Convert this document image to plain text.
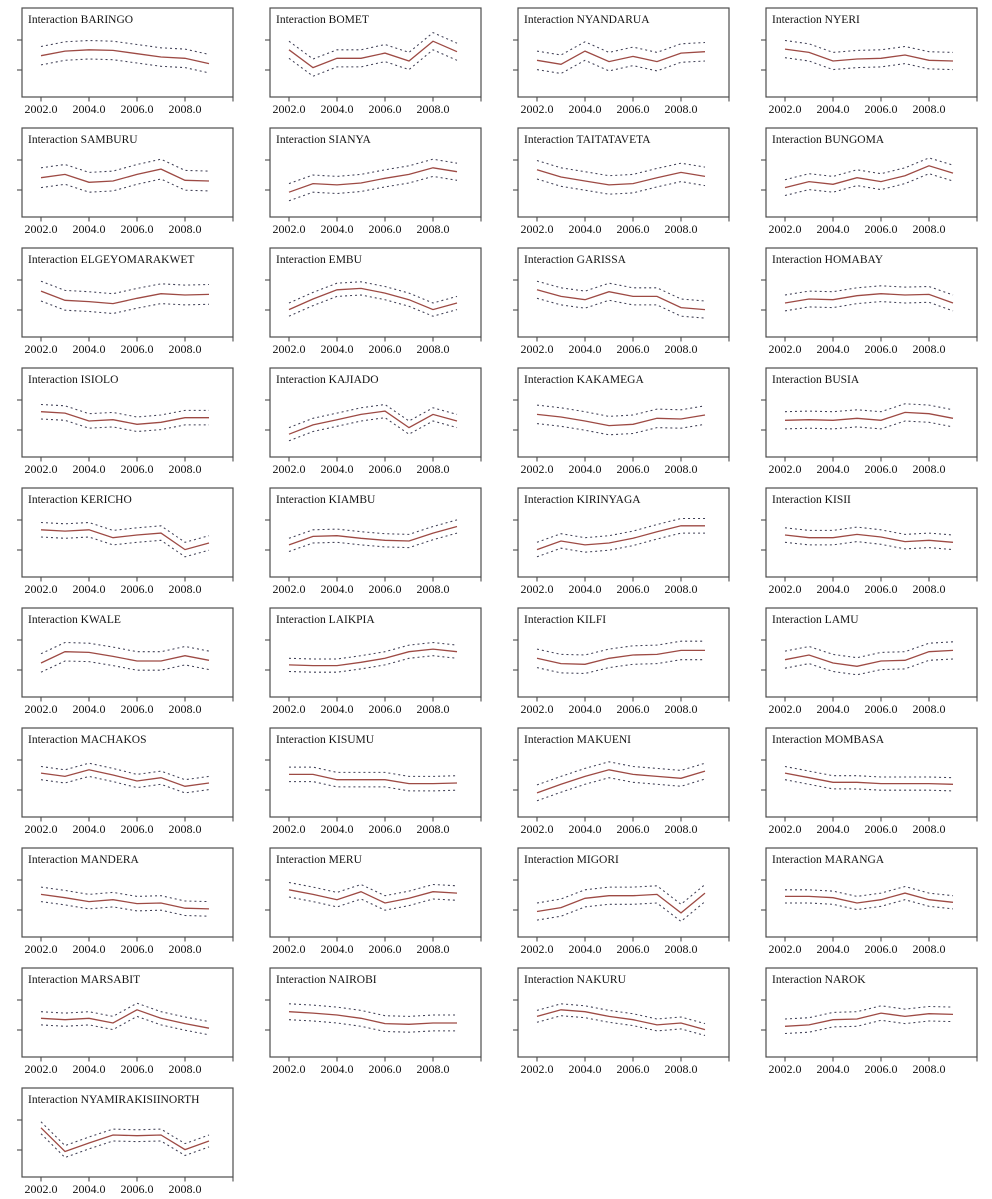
Interaction BARINGO
2002.0 2004.0 2006.0 2008.0
Interaction BOMET
2002.0 2004.0 2006.0 2008.0
Interaction NYANDARUA
2002.0 2004.0 2006.0 2008.0
Interaction NYERI
2002.0 2004.0 2006.0 2008.0
Interaction SAMBURU
2002.0 2004.0 2006.0 2008.0
Interaction SIANYA
2002.0 2004.0 2006.0 2008.0
Interaction TAITATAVETA
2002.0 2004.0 2006.0 2008.0
Interaction BUNGOMA
2002.0 2004.0 2006.0 2008.0
Interaction ELGEYOMARAKWET
2002.0 2004.0 2006.0 2008.0
Interaction EMBU
2002.0 2004.0 2006.0 2008.0
Interaction GARISSA
2002.0 2004.0 2006.0 2008.0
Interaction HOMABAY
2002.0 2004.0 2006.0 2008.0
Interaction ISIOLO
2002.0 2004.0 2006.0 2008.0
Interaction KAJIADO
2002.0 2004.0 2006.0 2008.0
Interaction KAKAMEGA
2002.0 2004.0 2006.0 2008.0
Interaction BUSIA
2002.0 2004.0 2006.0 2008.0
Interaction KERICHO
2002.0 2004.0 2006.0 2008.0
Interaction KIAMBU
2002.0 2004.0 2006.0 2008.0
Interaction KIRINYAGA
2002.0 2004.0 2006.0 2008.0
Interaction KISII
2002.0 2004.0 2006.0 2008.0
Interaction KWALE
2002.0 2004.0 2006.0 2008.0
Interaction LAIKPIA
2002.0 2004.0 2006.0 2008.0
Interaction KILFI
2002.0 2004.0 2006.0 2008.0
Interaction LAMU
2002.0 2004.0 2006.0 2008.0
Interaction MACHAKOS
2002.0 2004.0 2006.0 2008.0
Interaction KISUMU
2002.0 2004.0 2006.0 2008.0
Interaction MAKUENI
2002.0 2004.0 2006.0 2008.0
Interaction MOMBASA
2002.0 2004.0 2006.0 2008.0
Interaction MANDERA
2002.0 2004.0 2006.0 2008.0
Interaction MERU
2002.0 2004.0 2006.0 2008.0
Interaction MIGORI
2002.0 2004.0 2006.0 2008.0
Interaction MARANGA
2002.0 2004.0 2006.0 2008.0
Interaction MARSABIT
2002.0 2004.0 2006.0 2008.0
Interaction NAIROBI
2002.0 2004.0 2006.0 2008.0
Interaction NAKURU
2002.0 2004.0 2006.0 2008.0
Interaction NAROK
2002.0 2004.0 2006.0 2008.0
Interaction NYAMIRAKISIINORTH
2002.0 2004.0 2006.0 2008.0
